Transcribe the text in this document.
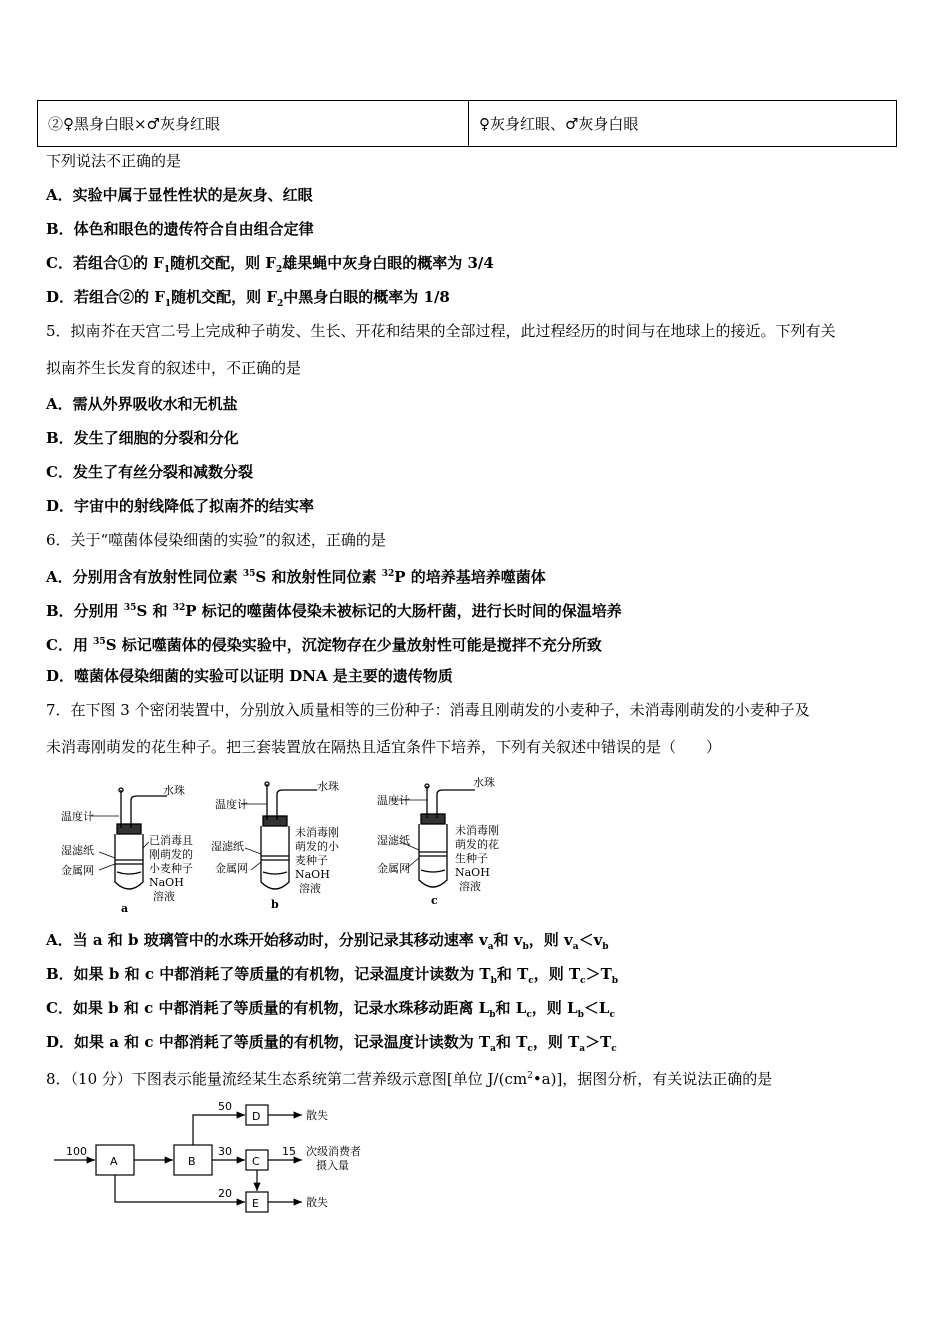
②♀黑身白眼×♂灰身红眼	♀灰身红眼、♂灰身白眼
下列说法不正确的是
A．实验中属于显性性状的是灰身、红眼
B．体色和眼色的遗传符合自由组合定律
C．若组合①的 $F_1$随机交配，则 $F_2$雄果蝇中灰身白眼的概率为 3/4
D．若组合②的 $F_1$随机交配，则 $F_2$中黑身白眼的概率为 1/8
5．拟南芥在天宫二号上完成种子萌发、生长、开花和结果的全部过程，此过程经历的时间与在地球上的接近。下列有关
拟南芥生长发育的叙述中，不正确的是
A．需从外界吸收水和无机盐
B．发生了细胞的分裂和分化
C．发生了有丝分裂和减数分裂
D．宇宙中的射线降低了拟南芥的结实率
6．关于“噬菌体侵染细菌的实验”的叙述，正确的是
A．分别用含有放射性同位素 $^{35}$S 和放射性同位素 $^{32}$P 的培养基培养噬菌体
B．分别用 $^{35}$S 和 $^{32}$P 标记的噬菌体侵染未被标记的大肠杆菌，进行长时间的保温培养
C．用 $^{35}$S 标记噬菌体的侵染实验中，沉淀物存在少量放射性可能是搅拌不充分所致
D．噬菌体侵染细菌的实验可以证明 DNA 是主要的遗传物质
7．在下图 3 个密闭装置中，分别放入质量相等的三份种子：消毒且刚萌发的小麦种子，未消毒刚萌发的小麦种子及
未消毒刚萌发的花生种子。把三套装置放在隔热且适宜条件下培养，下列有关叙述中错误的是（　　）
水珠
温度计
湿滤纸
金属网
已消毒且
刚萌发的
小麦种子
NaOH
溶液
a
水珠
温度计
湿滤纸
金属网
未消毒刚
萌发的小
麦种子
NaOH
溶液
b
水珠
温度计
湿滤纸
金属网
未消毒刚
萌发的花
生种子
NaOH
溶液
c
A．当 a 和 b 玻璃管中的水珠开始移动时，分别记录其移动速率 $v_a$和 $v_b$，则 $v_a<v_b$
B．如果 b 和 c 中都消耗了等质量的有机物，记录温度计读数为 $T_b$和 $T_c$，则 $T_c>T_b$
C．如果 b 和 c 中都消耗了等质量的有机物，记录水珠移动距离 $L_b$和 $L_c$，则 $L_b<L_c$
D．如果 a 和 c 中都消耗了等质量的有机物，记录温度计读数为 $T_a$和 $T_c$，则 $T_a>T_c$
8．（10 分）下图表示能量流经某生态系统第二营养级示意图[单位 $J/(cm^2•a)$]，据图分析，有关说法正确的是
100
A	B
D
C
E
50
30
20
15
散失
次级消费者
摄入量
散失
